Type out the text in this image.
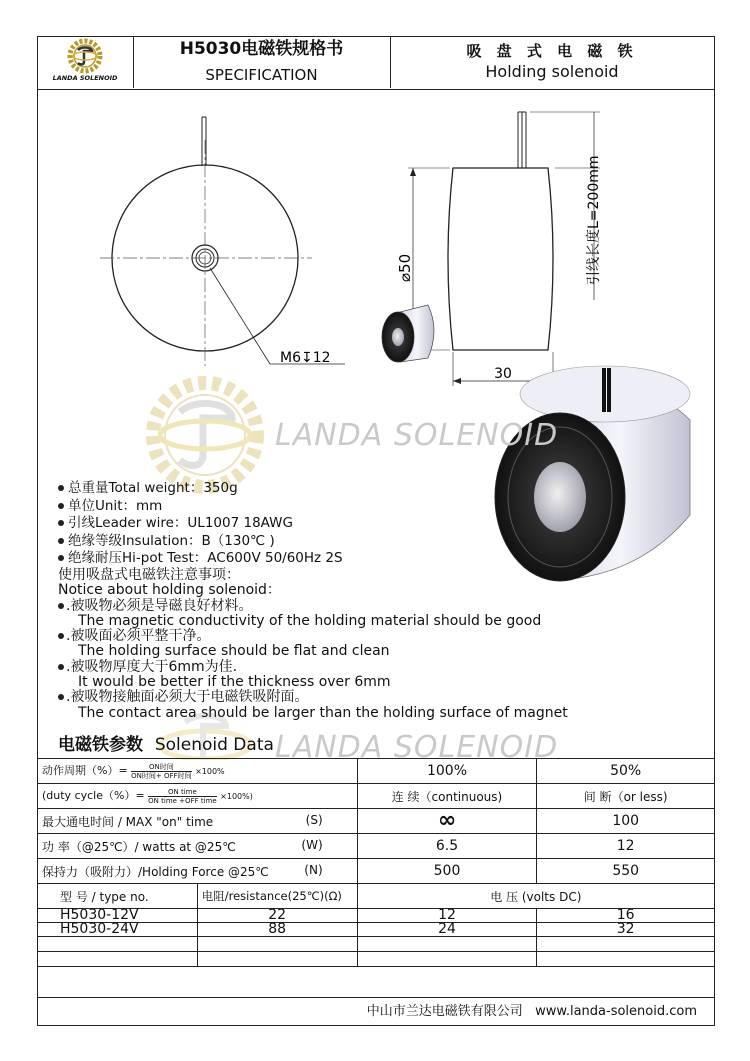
LANDA SOLENOID
H5030电磁铁规格书
SPECIFICATION
吸 盘 式 电 磁 铁
Holding solenoid
M6↧12
引线长度L=200mm
⌀50
30
LANDA SOLENOID
LANDA SOLENOID
总重量Total weight：350g
单位Unit：mm
引线Leader wire：UL1007 18AWG
绝缘等级Insulation：B（130℃ )
绝缘耐压Hi-pot Test：AC600V 50/60Hz 2S
使用吸盘式电磁铁注意事项：
Notice about holding solenoid：
.被吸物必须是导磁良好材料。
The magnetic conductivity of the holding material should be good
.被吸面必须平整干净。
The holding surface should be flat and clean
.被吸物厚度大于6mm为佳.
It would be better if the thickness over 6mm
.被吸物接触面必须大于电磁铁吸附面。
The contact area should be larger than the holding surface of magnet
电磁铁参数 Solenoid Data
动作周期（%）= $\frac{\text{ON时间}}{\text{ON时间+ OFF时间}} \times 100\%$		100%	50%
(duty cycle（%）= $\frac{\text{ON time}}{\text{ON time +OFF time}} \times 100\%$)		连 续（continuous)	间 断（or less)
最大通电时间 / MAX "on" time (S)		∞	100
功 率（@25℃）/ watts at @25℃ (W)		6.5	12
保持力（吸附力）/Holding Force @25℃ (N)		500	550
型 号 / type no.	电阻/resistance(25℃)(Ω)	电 压 (volts DC)	
H5030-12V	22	12	16
H5030-24V	88	24	32

中山市兰达电磁铁有限公司 www.landa-solenoid.com
